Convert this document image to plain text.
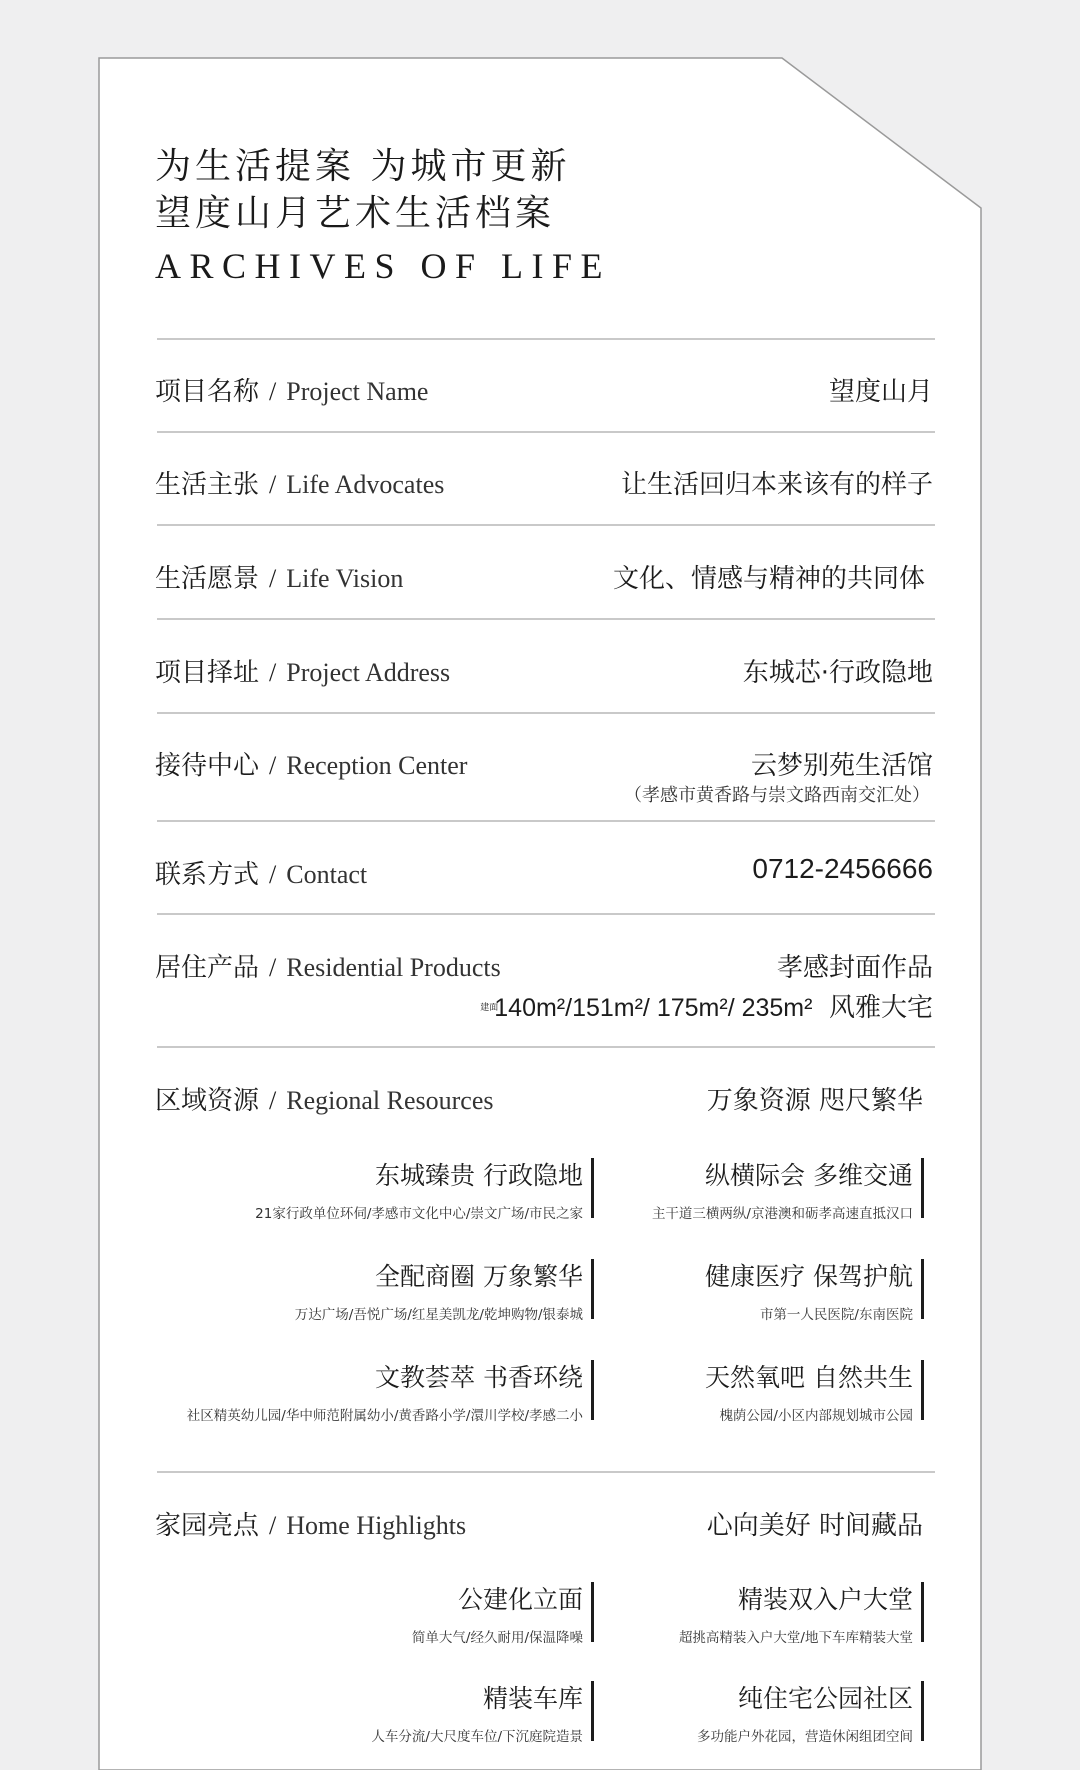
为生活提案 为城市更新
望度山月艺术生活档案
ARCHIVES OF LIFE
项目名称 / Project Name	望度山月
生活主张 / Life Advocates	让生活回归本来该有的样子
生活愿景 / Life Vision	文化、情感与精神的共同体
项目择址 / Project Address	东城芯·行政隐地
接待中心 / Reception Center	云梦别苑生活馆
（孝感市黄香路与崇文路西南交汇处）
联系方式 / Contact	0712-2456666
居住产品 / Residential Products	孝感封面作品
建面140m²/151m²/ 175m²/ 235m² 风雅大宅
区域资源 / Regional Resources	万象资源 咫尺繁华
东城臻贵 行政隐地
21家行政单位环伺/孝感市文化中心/崇文广场/市民之家
纵横际会 多维交通
主干道三横两纵/京港澳和砺孝高速直抵汉口
全配商圈 万象繁华
万达广场/吾悦广场/红星美凯龙/乾坤购物/银泰城
健康医疗 保驾护航
市第一人民医院/东南医院
文教荟萃 书香环绕
社区精英幼儿园/华中师范附属幼小/黄香路小学/澴川学校/孝感二小
天然氧吧 自然共生
槐荫公园/小区内部规划城市公园
家园亮点 / Home Highlights	心向美好 时间藏品
公建化立面
简单大气/经久耐用/保温降噪
精装双入户大堂
超挑高精装入户大堂/地下车库精装大堂
精装车库
人车分流/大尺度车位/下沉庭院造景
纯住宅公园社区
多功能户外花园，营造休闲组团空间
